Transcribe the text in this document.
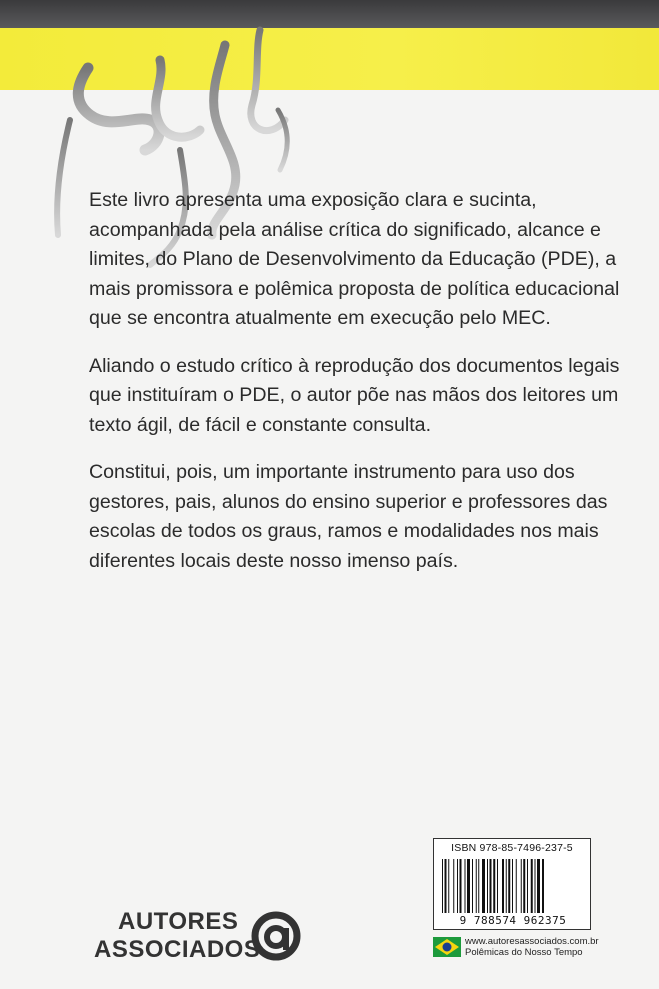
Este livro apresenta uma exposição clara e sucinta, acompanhada pela análise crítica do significado, alcance e limites, do Plano de Desenvolvimento da Educação (PDE), a mais promissora e polêmica proposta de política educacional que se encontra atualmente em execução pelo MEC.

Aliando o estudo crítico à reprodução dos documentos legais que instituíram o PDE, o autor põe nas mãos dos leitores um texto ágil, de fácil e constante consulta.

Constitui, pois, um importante instrumento para uso dos gestores, pais, alunos do ensino superior e professores das escolas de todos os graus, ramos e modalidades nos mais diferentes locais deste nosso imenso país.

ISBN 978-85-7496-237-5
9 788574 962375
www.autoresassociados.com.br
Polêmicas do Nosso Tempo
AUTORES
ASSOCIADOS
